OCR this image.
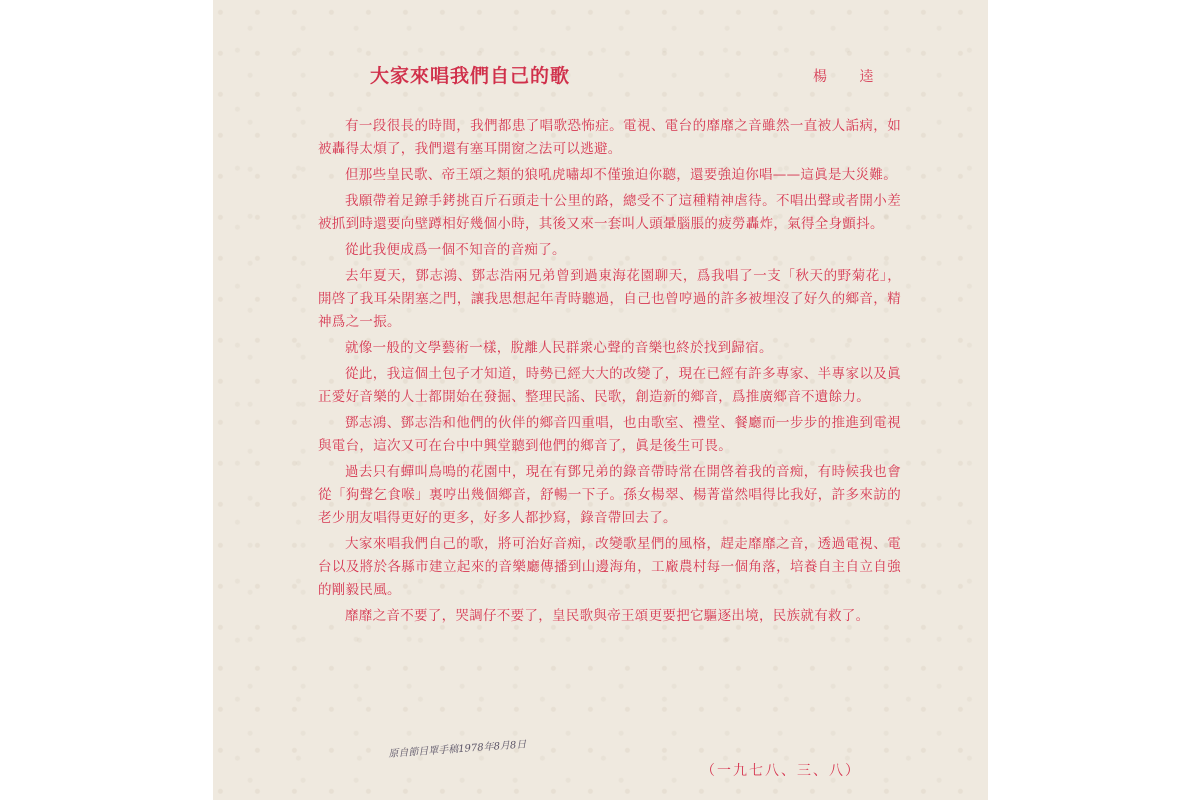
大家來唱我們自己的歌	楊 逵

有一段很長的時間，我們都患了唱歌恐怖症。電視、電台的靡靡之音雖然一直被人詬病，如被轟得太煩了，我們還有塞耳開窗之法可以逃避。

但那些皇民歌、帝王頌之類的狼吼虎嘯却不僅強迫你聽，還要強迫你唱——這眞是大災難。

我願帶着足鐐手銬挑百斤石頭走十公里的路，總受不了這種精神虐待。不唱出聲或者開小差被抓到時還要向壁蹲相好幾個小時，其後又來一套叫人頭暈腦脹的疲勞轟炸，氣得全身顫抖。

從此我便成爲一個不知音的音痴了。

去年夏天，鄧志鴻、鄧志浩兩兄弟曾到過東海花園聊天，爲我唱了一支「秋天的野菊花」，開啓了我耳朵閉塞之門，讓我思想起年青時聽過，自己也曾哼過的許多被埋沒了好久的鄉音，精神爲之一振。

就像一般的文學藝術一樣，脫離人民群衆心聲的音樂也終於找到歸宿。

從此，我這個土包子才知道，時勢已經大大的改變了，現在已經有許多專家、半專家以及眞正愛好音樂的人士都開始在發掘、整理民謠、民歌，創造新的鄉音，爲推廣鄉音不遺餘力。

鄧志鴻、鄧志浩和他們的伙伴的鄉音四重唱，也由歌室、禮堂、餐廳而一步步的推進到電視與電台，這次又可在台中中興堂聽到他們的鄉音了，眞是後生可畏。

過去只有蟬叫鳥鳴的花園中，現在有鄧兄弟的錄音帶時常在開啓着我的音痴，有時候我也會從「狗聲乞食喉」裏哼出幾個鄉音，舒暢一下子。孫女楊翠、楊菁當然唱得比我好，許多來訪的老少朋友唱得更好的更多，好多人都抄寫，錄音帶回去了。

大家來唱我們自己的歌，將可治好音痴，改變歌星們的風格，趕走靡靡之音，透過電視、電台以及將於各縣市建立起來的音樂廳傳播到山邊海角，工廠農村每一個角落，培養自主自立自強的剛毅民風。

靡靡之音不要了，哭調仔不要了，皇民歌與帝王頌更要把它驅逐出境，民族就有救了。

原自節目單手稿1978年8月8日
（一九七八、三、八）
